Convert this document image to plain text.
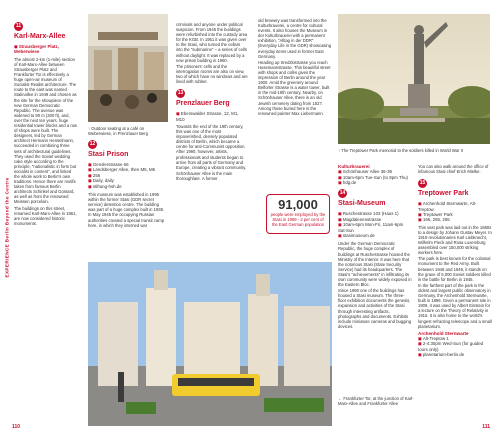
EXPERIENCE Berlin Beyond the Centre
11
Karl-Marx-Allee
◼ Strausberger Platz, Weberwiese

The almost 2-km (1-mile) section of Karl-Marx-Allee between Strausberger Platz and Frankfurter Tor is effectively a huge open-air museum of Socialist Realist architecture. The route to the east was named Stalinallee in 1949 and chosen as the site for the showpiece of the new German Democratic Republic. The avenue was widened to 90 m (300 ft), and, over the next ten years, huge residential tower blocks and a row of shops were built. The designers, led by German architect Hermann Henselmann, succeeded in combining three sets of architectural guidelines. They used the Soviet wedding cake style according to the principle, "nationalistic in form but socialist in content", and linked the whole work to Berlin's own traditions. Hence there are motifs taken from famous Berlin architects Schinkel and Gontard, as well as from the renowned Meissen porcelain.

The buildings on this street, renamed Karl-Marx-Allee in 1961, are now considered historic monuments.

↑ Outdoor seating at a café on Weberwiese, in Prenzlauer Berg
12
Stasi Prison
◼ Genslerstrasse 66
◼ Landsberger Allee, then M5, M6
◼ 256
◼ Daily, daily
◼ stiftung-hsh.de

This museum was established in 1995 within the former Stasi (GDR secret service) detention centre. The building was part of a huge complex built in 1938. In May 1945 the occupying Russian authorities created a special transit camp here, in which they interned war

criminals and anyone under political suspicion. From 1946 the buildings were refurbished into the custody area for the KGB. In 1951 it was given over to the Stasi, who turned the cellars into the "submarine" – a series of cells without daylight. It was replaced by a new prison building in 1960.

The prisoners' cells and the interrogation rooms are also on view, two of which have no windows and are lined with rubber.

13
Prenzlauer Berg
◼ Eberswalder Strasse, 12, M1, M10

Towards the end of the 19th century, this was one of the most impoverished, densely populated districts of Berlin, which became a centre for anti-Communist opposition. After 1990, however, artists, professionals and students began to arrive from all parts of Germany and Europe, creating a vibrant community.

Schönhauser Allee is the main thoroughfare. A former

old brewery was transformed into the Kulturbrauerei, a centre for cultural events. It also houses the Museum in der Kulturbrauerei with a permanent exhibition, "Alltag in der DDR" (Everyday Life in the GDR) showcasing everyday items used in former East Germany.

Heading up Sredzkistrasse you reach Husemannstrasse. This beautiful street with shops and cafés gives the impression of Berlin around the year 1900. Amid the greenery around Belforter Strasse is a water tower, built in the mid-19th century. Nearby, on Schönhauser Allee, there is an old Jewish cemetery dating from 1827. Among those buried here is the renowned painter Max Liebermann.

91,000
people were employed by the Stasi in 1989 - 2 per cent of the East German population
↑ The Treptower Park memorial to the soldiers killed in World War II
Kulturbrauerei
◼ Schönhauser Allee 36-39
◼ 10am-6pm Tue-Sun (to 8pm Thu)
◼ hdg.de
14
Stasi-Museum
◼ Ruschestrasse 103 (Haus 1)
◼ Magdalenenstrasse
◼ 10am-6pm Mon-Fri, 11am-6pm Sat-Sun
◼ stasimuseum.de

Under the German Democratic Republic, the huge complex of buildings at Ruschestrasse housed the Ministry of the Interior. It was here that the notorious Stasi (State Security Service) had its headquarters. The Stasi's "achievements" in infiltrating its own community were widely exposed in the Eastern Bloc.

Since 1990 one of the buildings has housed a Stasi museum. The three-floor exhibition documents the genesis, expansion and activities of the Stasi through interesting artifacts, photographs and documents. Exhibits include miniature cameras and bugging devices.

You can also walk around the office of infamous Stasi chief Erich Mielke.

15
Treptower Park
◼ Archenhold Sternwarte, Alt-Treptow
◼ Treptower Park
◼ 166, 265, 265

This vast park was laid out in the 1860s to a design by Johann Gustav Meyer. In 1919 revolutionaries Karl Liebknecht, Wilhelm Pieck and Rosa Luxemburg assembled over 150,000 striking workers here.

The park is best known for the colossal monument to the Red Army. Built between 1946 and 1949, it stands on the grave of 5,000 Soviet soldiers killed in the battle for Berlin in 1945.

In the farthest part of the park is the oldest and largest public observatory in Germany, the Archenhold Sternwarte, built in 1896. Given a permanent site in 1909, it was used by Albert Einstein for a lecture on the Theory of Relativity in 1915. It is also home to the world's longest refracting telescope and a small planetarium.

Archenhold Sternwarte
◼ Alt-Treptow 1
◼ 2-4:30pm Wed-Sun (for guided tours only)
◼ planetarium-berlin.de
← Frankfurter Tor, at the junction of Karl-Marx-Allee and Frankfurter Allee
110	111
